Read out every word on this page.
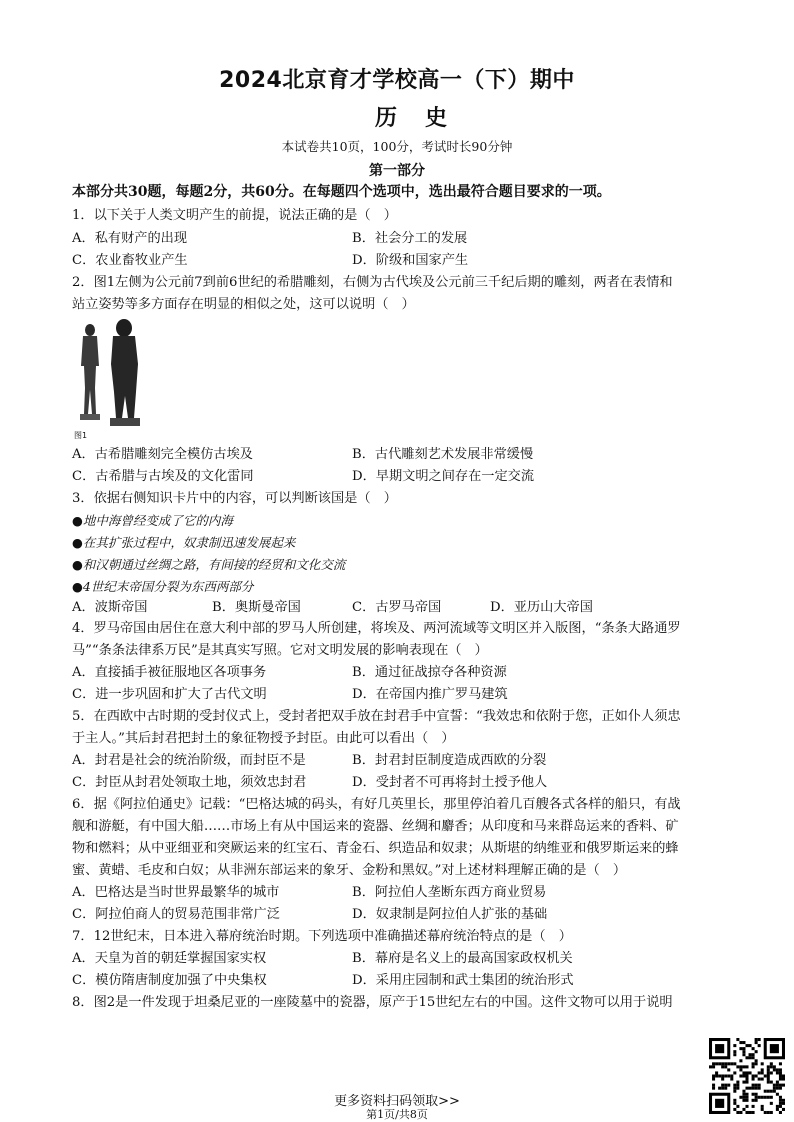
2024北京育才学校高一（下）期中
历史
本试卷共10页，100分，考试时长90分钟
第一部分
本部分共30题，每题2分，共60分。在每题四个选项中，选出最符合题目要求的一项。
1．以下关于人类文明产生的前提，说法正确的是（　）
A．私有财产的出现	B．社会分工的发展
C．农业畜牧业产生	D．阶级和国家产生
2．图1左侧为公元前7到前6世纪的希腊雕刻，右侧为古代埃及公元前三千纪后期的雕刻，两者在表情和
站立姿势等多方面存在明显的相似之处，这可以说明（　）
图1
A．古希腊雕刻完全模仿古埃及	B．古代雕刻艺术发展非常缓慢
C．古希腊与古埃及的文化雷同	D．早期文明之间存在一定交流
3．依据右侧知识卡片中的内容，可以判断该国是（　）
●地中海曾经变成了它的内海
●在其扩张过程中，奴隶制迅速发展起来
●和汉朝通过丝绸之路，有间接的经贸和文化交流
●4世纪末帝国分裂为东西两部分
A．波斯帝国	B．奥斯曼帝国	C．古罗马帝国	D．亚历山大帝国
4．罗马帝国由居住在意大利中部的罗马人所创建，将埃及、两河流域等文明区并入版图，“条条大路通罗
马”“条条法律系万民”是其真实写照。它对文明发展的影响表现在（　）
A．直接插手被征服地区各项事务	B．通过征战掠夺各种资源
C．进一步巩固和扩大了古代文明	D．在帝国内推广罗马建筑
5．在西欧中古时期的受封仪式上，受封者把双手放在封君手中宣誓：“我效忠和依附于您，正如仆人须忠
于主人。”其后封君把封土的象征物授予封臣。由此可以看出（　）
A．封君是社会的统治阶级，而封臣不是	B．封君封臣制度造成西欧的分裂
C．封臣从封君处领取土地，须效忠封君	D．受封者不可再将封土授予他人
6．据《阿拉伯通史》记载：“巴格达城的码头，有好几英里长，那里停泊着几百艘各式各样的船只，有战
舰和游艇，有中国大船……市场上有从中国运来的瓷器、丝绸和麝香；从印度和马来群岛运来的香料、矿
物和燃料；从中亚细亚和突厥运来的红宝石、青金石、织造品和奴隶；从斯堪的纳维亚和俄罗斯运来的蜂
蜜、黄蜡、毛皮和白奴；从非洲东部运来的象牙、金粉和黑奴。”对上述材料理解正确的是（　）
A．巴格达是当时世界最繁华的城市	B．阿拉伯人垄断东西方商业贸易
C．阿拉伯商人的贸易范围非常广泛	D．奴隶制是阿拉伯人扩张的基础
7．12世纪末，日本进入幕府统治时期。下列选项中准确描述幕府统治特点的是（　）
A．天皇为首的朝廷掌握国家实权	B．幕府是名义上的最高国家政权机关
C．模仿隋唐制度加强了中央集权	D．采用庄园制和武士集团的统治形式
8．图2是一件发现于坦桑尼亚的一座陵墓中的瓷器，原产于15世纪左右的中国。这件文物可以用于说明
更多资料扫码领取>>
第1页/共8页
